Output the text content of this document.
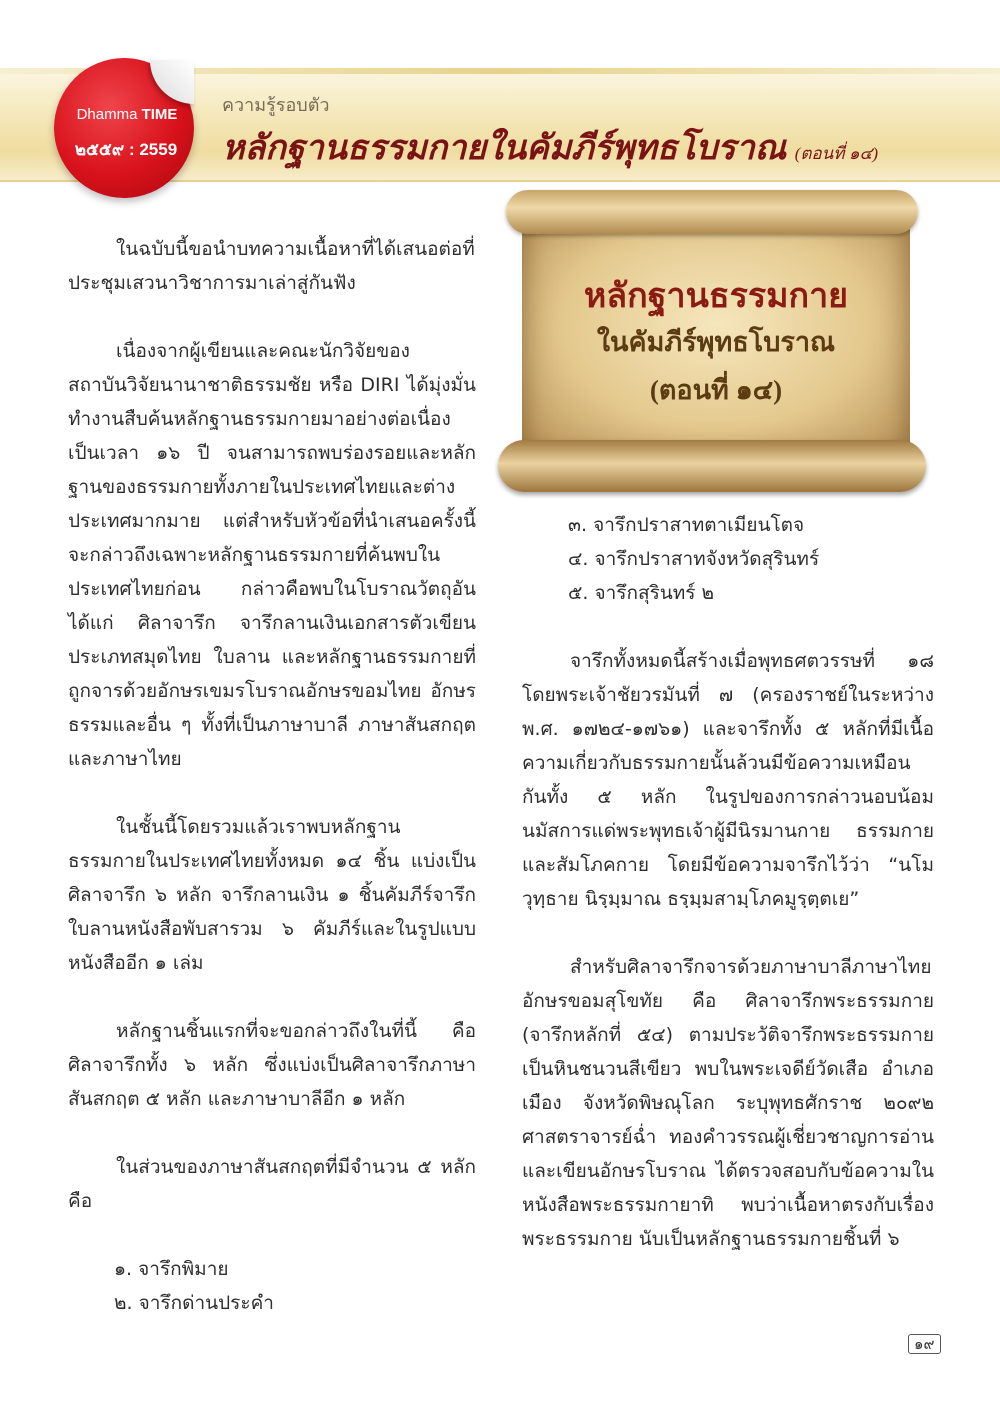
Dhamma TIME
๒๕๕๙ : 2559
ความรู้รอบตัว
หลักฐานธรรมกายในคัมภีร์พุทธโบราณ (ตอนที่ ๑๔)

ในฉบับนี้ขอนำบทความเนื้อหาที่ได้เสนอต่อที่ประชุมเสวนาวิชาการมาเล่าสู่กันฟัง

เนื่องจากผู้เขียนและคณะนักวิจัยของสถาบันวิจัยนานาชาติธรรมชัย หรือ DIRI ได้มุ่งมั่นทำงานสืบค้นหลักฐานธรรมกายมาอย่างต่อเนื่องเป็นเวลา ๑๖ ปี จนสามารถพบร่องรอยและหลักฐานของธรรมกายทั้งภายในประเทศไทยและต่างประเทศมากมาย แต่สำหรับหัวข้อที่นำเสนอครั้งนี้จะกล่าวถึงเฉพาะหลักฐานธรรมกายที่ค้นพบในประเทศไทยก่อน กล่าวคือพบในโบราณวัตถุอันได้แก่ ศิลาจารึก จารึกลานเงินเอกสารตัวเขียนประเภทสมุดไทย ใบลาน และหลักฐานธรรมกายที่ถูกจารด้วยอักษรเขมรโบราณอักษรขอมไทย อักษรธรรมและอื่น ๆ ทั้งที่เป็นภาษาบาลี ภาษาสันสกฤต และภาษาไทย

ในชั้นนี้โดยรวมแล้วเราพบหลักฐานธรรมกายในประเทศไทยทั้งหมด ๑๔ ชิ้น แบ่งเป็นศิลาจารึก ๖ หลัก จารึกลานเงิน ๑ ชิ้นคัมภีร์จารึกใบลานหนังสือพับสารวม ๖ คัมภีร์และในรูปแบบหนังสืออีก ๑ เล่ม

หลักฐานชิ้นแรกที่จะขอกล่าวถึงในที่นี้ คือศิลาจารึกทั้ง ๖ หลัก ซึ่งแบ่งเป็นศิลาจารึกภาษาสันสกฤต ๕ หลัก และภาษาบาลีอีก ๑ หลัก

ในส่วนของภาษาสันสกฤตที่มีจำนวน ๕ หลัก คือ

๑. จารึกพิมาย

๒. จารึกด่านประคำ

หลักฐานธรรมกาย
ในคัมภีร์พุทธโบราณ
(ตอนที่ ๑๔)

๓. จารึกปราสาทตาเมียนโตจ

๔. จารึกปราสาทจังหวัดสุรินทร์

๕. จารึกสุรินทร์ ๒

จารึกทั้งหมดนี้สร้างเมื่อพุทธศตวรรษที่ ๑๘ โดยพระเจ้าชัยวรมันที่ ๗ (ครองราชย์ในระหว่าง พ.ศ. ๑๗๒๔-๑๗๖๑) และจารึกทั้ง ๕ หลักที่มีเนื้อความเกี่ยวกับธรรมกายนั้นล้วนมีข้อความเหมือนกันทั้ง ๕ หลัก ในรูปของการกล่าวนอบน้อมนมัสการแด่พระพุทธเจ้าผู้มีนิรมานกาย ธรรมกาย และสัมโภคกาย โดยมีข้อความจารึกไว้ว่า “นโม วุทฺธาย นิรฺมฺมาณ ธรฺมฺมสามฺโภคมูรฺตฺตเย”

สำหรับศิลาจารึกจารด้วยภาษาบาลีภาษาไทย อักษรขอมสุโขทัย คือ ศิลาจารึกพระธรรมกาย (จารึกหลักที่ ๕๔) ตามประวัติจารึกพระธรรมกาย เป็นหินชนวนสีเขียว พบในพระเจดีย์วัดเสือ อำเภอเมือง จังหวัดพิษณุโลก ระบุพุทธศักราช ๒๐๙๒ ศาสตราจารย์ฉ่ำ ทองคำวรรณผู้เชี่ยวชาญการอ่านและเขียนอักษรโบราณ ได้ตรวจสอบกับข้อความในหนังสือพระธรรมกายาทิ พบว่าเนื้อหาตรงกับเรื่องพระธรรมกาย นับเป็นหลักฐานธรรมกายชิ้นที่ ๖

๑๙
